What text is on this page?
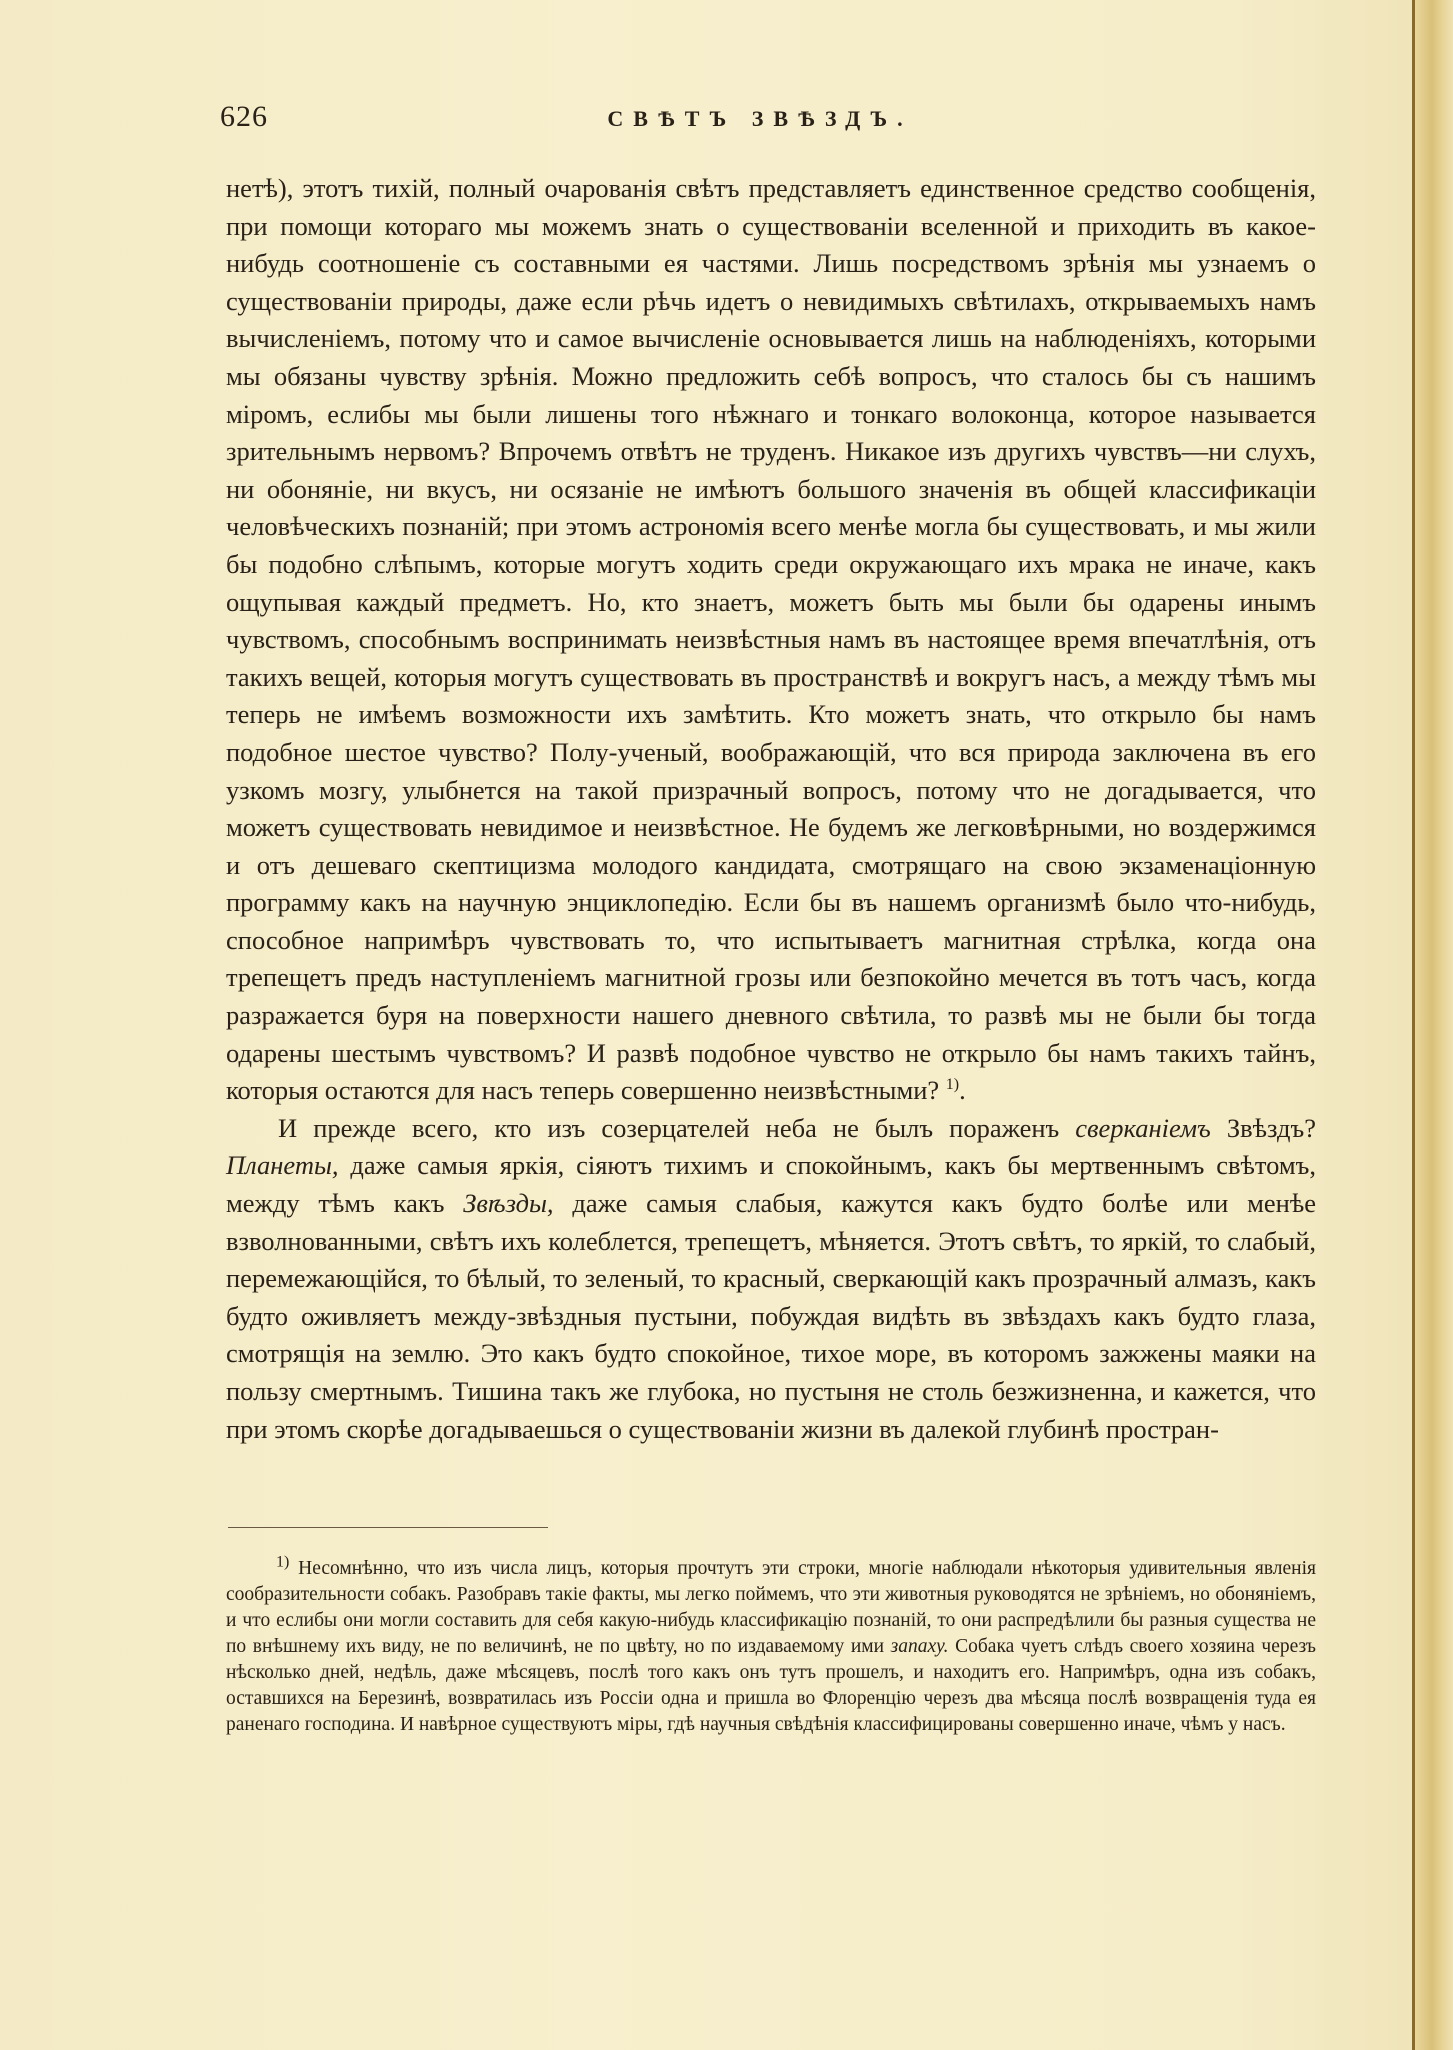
626	СВѢТЪ ЗВѢЗДЪ.

нетѣ), этотъ тихій, полный очарованія свѣтъ представляетъ единственное средство сообщенія, при помощи котораго мы можемъ знать о существованіи вселенной и приходить въ какое-нибудь соотношеніе съ составными ея частями. Лишь посредствомъ зрѣнія мы узнаемъ о существованіи природы, даже если рѣчь идетъ о невидимыхъ свѣтилахъ, открываемыхъ намъ вычисленіемъ, потому что и самое вычисленіе основывается лишь на наблюденіяхъ, которыми мы обязаны чувству зрѣнія. Можно предложить себѣ вопросъ, что сталось бы съ нашимъ міромъ, еслибы мы были лишены того нѣжнаго и тонкаго волоконца, которое называется зрительнымъ нервомъ? Впрочемъ отвѣтъ не труденъ. Никакое изъ другихъ чувствъ—ни слухъ, ни обоняніе, ни вкусъ, ни осязаніе не имѣютъ большого значенія въ общей классификаціи человѣческихъ познаній; при этомъ астрономія всего менѣе могла бы существовать, и мы жили бы подобно слѣпымъ, которые могутъ ходить среди окружающаго ихъ мрака не иначе, какъ ощупывая каждый предметъ. Но, кто знаетъ, можетъ быть мы были бы одарены инымъ чувствомъ, способнымъ воспринимать неизвѣстныя намъ въ настоящее время впечатлѣнія, отъ такихъ вещей, которыя могутъ существовать въ пространствѣ и вокругъ насъ, а между тѣмъ мы теперь не имѣемъ возможности ихъ замѣтить. Кто можетъ знать, что открыло бы намъ подобное шестое чувство? Полу-ученый, воображающій, что вся природа заключена въ его узкомъ мозгу, улыбнется на такой призрачный вопросъ, потому что не догадывается, что можетъ существовать невидимое и неизвѣстное. Не будемъ же легковѣрными, но воздержимся и отъ дешеваго скептицизма молодого кандидата, смотрящаго на свою экзаменаціонную программу какъ на научную энциклопедію. Если бы въ нашемъ организмѣ было что-нибудь, способное напримѣръ чувствовать то, что испытываетъ магнитная стрѣлка, когда она трепещетъ предъ наступленіемъ магнитной грозы или безпокойно мечется въ тотъ часъ, когда разражается буря на поверхности нашего дневного свѣтила, то развѣ мы не были бы тогда одарены шестымъ чувствомъ? И развѣ подобное чувство не открыло бы намъ такихъ тайнъ, которыя остаются для насъ теперь совершенно неизвѣстными? $^{1)}$.

И прежде всего, кто изъ созерцателей неба не былъ пораженъ сверканіемъ Звѣздъ? Планеты, даже самыя яркія, сіяютъ тихимъ и спокойнымъ, какъ бы мертвеннымъ свѣтомъ, между тѣмъ какъ Звѣзды, даже самыя слабыя, кажутся какъ будто болѣе или менѣе взволнованными, свѣтъ ихъ колеблется, трепещетъ, мѣняется. Этотъ свѣтъ, то яркій, то слабый, перемежающійся, то бѣлый, то зеленый, то красный, сверкающій какъ прозрачный алмазъ, какъ будто оживляетъ между-звѣздныя пустыни, побуждая видѣть въ звѣздахъ какъ будто глаза, смотрящія на землю. Это какъ будто спокойное, тихое море, въ которомъ зажжены маяки на пользу смертнымъ. Тишина такъ же глубока, но пустыня не столь безжизненна, и кажется, что при этомъ скорѣе догадываешься о существованіи жизни въ далекой глубинѣ простран-

$^{1)}$ Несомнѣнно, что изъ числа лицъ, которыя прочтутъ эти строки, многіе наблюдали нѣкоторыя удивительныя явленія сообразительности собакъ. Разобравъ такіе факты, мы легко поймемъ, что эти животныя руководятся не зрѣніемъ, но обоняніемъ, и что еслибы они могли составить для себя какую-нибудь классификацію познаній, то они распредѣлили бы разныя существа не по внѣшнему ихъ виду, не по величинѣ, не по цвѣту, но по издаваемому ими запаху. Собака чуетъ слѣдъ своего хозяина черезъ нѣсколько дней, недѣль, даже мѣсяцевъ, послѣ того какъ онъ тутъ прошелъ, и находитъ его. Напримѣръ, одна изъ собакъ, оставшихся на Березинѣ, возвратилась изъ Россіи одна и пришла во Флоренцію черезъ два мѣсяца послѣ возвращенія туда ея раненаго господина. И навѣрное существуютъ міры, гдѣ научныя свѣдѣнія классифицированы совершенно иначе, чѣмъ у насъ.
